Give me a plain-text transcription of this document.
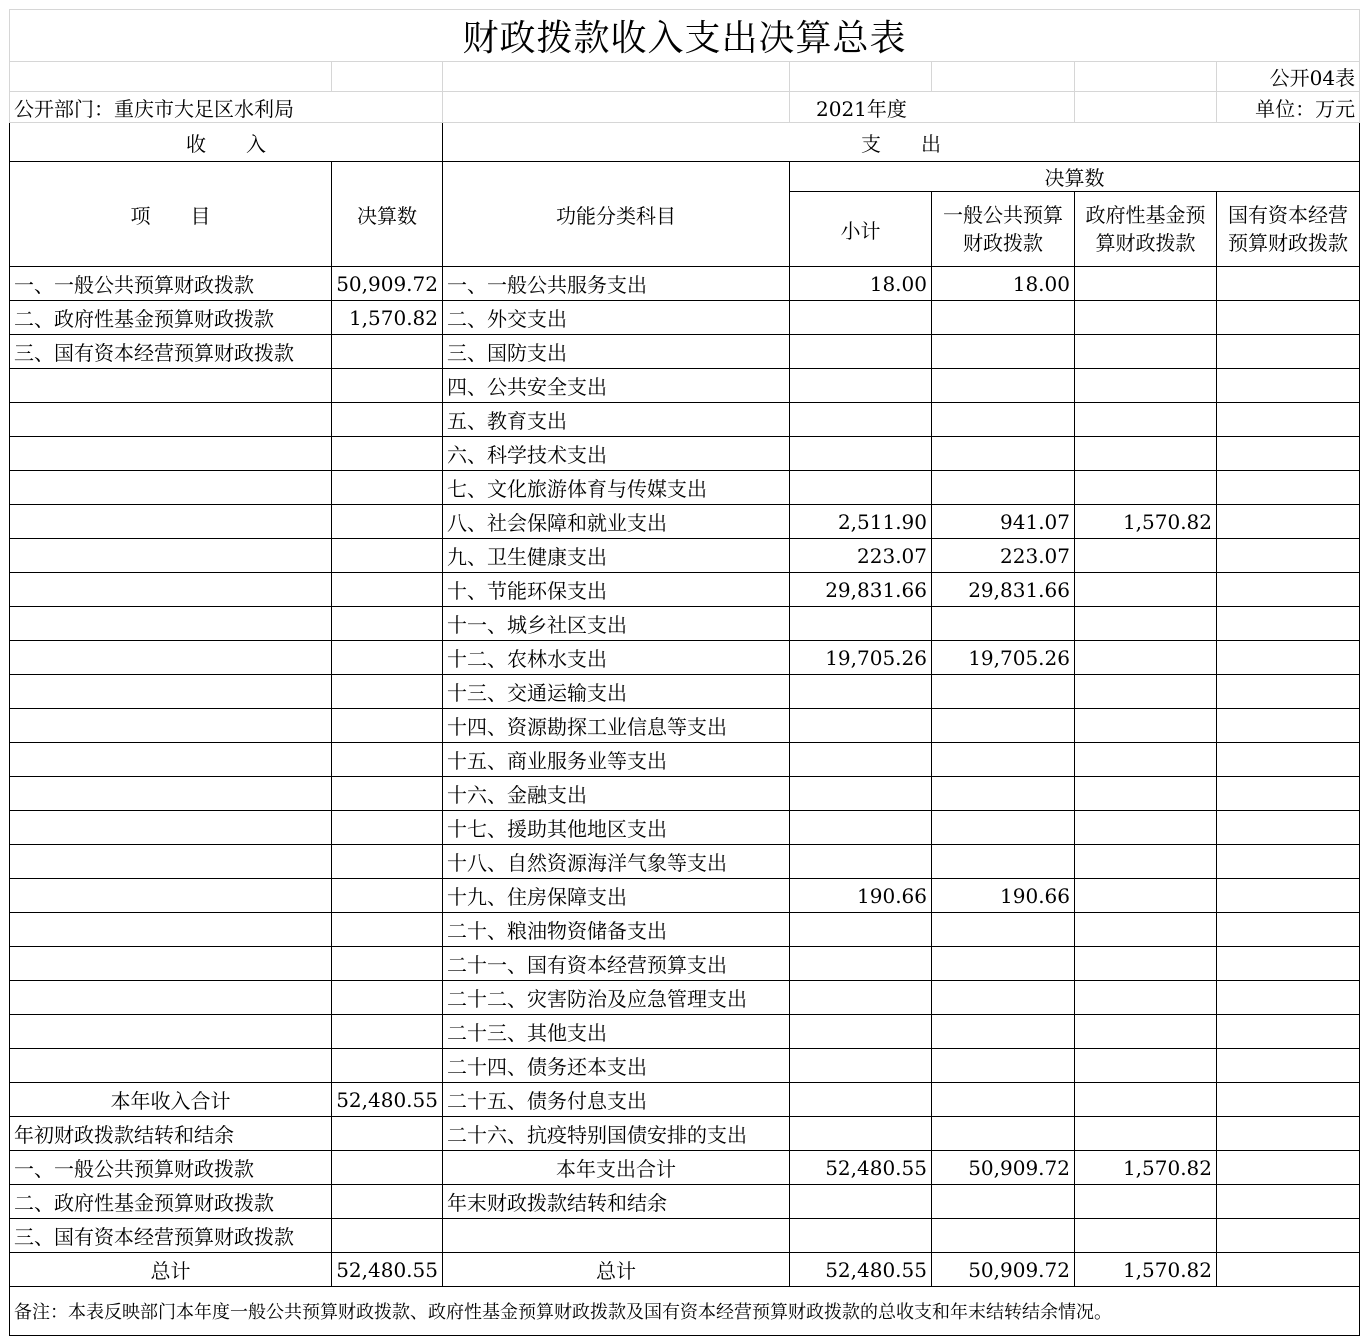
财政拨款收入支出决算总表						
						公开04表
公开部门：重庆市大足区水利局			2021年度			单位：万元
收　　入		支　　出				
项　　目	决算数	功能分类科目	决算数			
			小计	一般公共预算财政拨款	政府性基金预算财政拨款	国有资本经营预算财政拨款
一、一般公共预算财政拨款	50,909.72	一、一般公共服务支出	18.00	18.00		
二、政府性基金预算财政拨款	1,570.82	二、外交支出				
三、国有资本经营预算财政拨款		三、国防支出				
		四、公共安全支出				
		五、教育支出				
		六、科学技术支出				
		七、文化旅游体育与传媒支出				
		八、社会保障和就业支出	2,511.90	941.07	1,570.82	
		九、卫生健康支出	223.07	223.07		
		十、节能环保支出	29,831.66	29,831.66		
		十一、城乡社区支出				
		十二、农林水支出	19,705.26	19,705.26		
		十三、交通运输支出				
		十四、资源勘探工业信息等支出				
		十五、商业服务业等支出				
		十六、金融支出				
		十七、援助其他地区支出				
		十八、自然资源海洋气象等支出				
		十九、住房保障支出	190.66	190.66		
		二十、粮油物资储备支出				
		二十一、国有资本经营预算支出				
		二十二、灾害防治及应急管理支出				
		二十三、其他支出				
		二十四、债务还本支出				
本年收入合计	52,480.55	二十五、债务付息支出				
年初财政拨款结转和结余		二十六、抗疫特别国债安排的支出				
一、一般公共预算财政拨款		本年支出合计	52,480.55	50,909.72	1,570.82	
二、政府性基金预算财政拨款		年末财政拨款结转和结余				
三、国有资本经营预算财政拨款						
总计	52,480.55	总计	52,480.55	50,909.72	1,570.82	
备注：本表反映部门本年度一般公共预算财政拨款、政府性基金预算财政拨款及国有资本经营预算财政拨款的总收支和年末结转结余情况。						
